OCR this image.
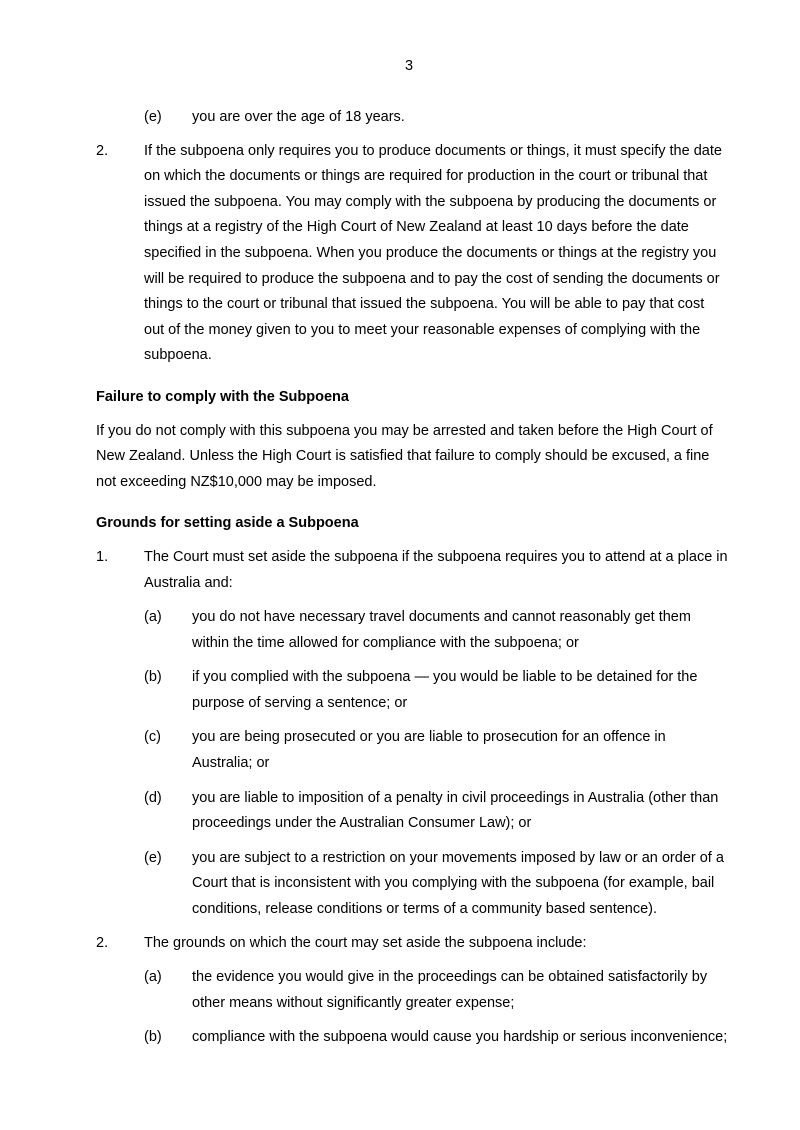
3
(e)	you are over the age of 18 years.
2.	If the subpoena only requires you to produce documents or things, it must specify the date on which the documents or things are required for production in the court or tribunal that issued the subpoena. You may comply with the subpoena by producing the documents or things at a registry of the High Court of New Zealand at least 10 days before the date specified in the subpoena. When you produce the documents or things at the registry you will be required to produce the subpoena and to pay the cost of sending the documents or things to the court or tribunal that issued the subpoena. You will be able to pay that cost out of the money given to you to meet your reasonable expenses of complying with the subpoena.

Failure to comply with the Subpoena

If you do not comply with this subpoena you may be arrested and taken before the High Court of New Zealand. Unless the High Court is satisfied that failure to comply should be excused, a fine not exceeding NZ$10,000 may be imposed.

Grounds for setting aside a Subpoena

1.	The Court must set aside the subpoena if the subpoena requires you to attend at a place in Australia and:
(a)	you do not have necessary travel documents and cannot reasonably get them within the time allowed for compliance with the subpoena; or
(b)	if you complied with the subpoena — you would be liable to be detained for the purpose of serving a sentence; or
(c)	you are being prosecuted or you are liable to prosecution for an offence in Australia; or
(d)	you are liable to imposition of a penalty in civil proceedings in Australia (other than proceedings under the Australian Consumer Law); or
(e)	you are subject to a restriction on your movements imposed by law or an order of a Court that is inconsistent with you complying with the subpoena (for example, bail conditions, release conditions or terms of a community based sentence).
2.	The grounds on which the court may set aside the subpoena include:
(a)	the evidence you would give in the proceedings can be obtained satisfactorily by other means without significantly greater expense;
(b)	compliance with the subpoena would cause you hardship or serious inconvenience;
